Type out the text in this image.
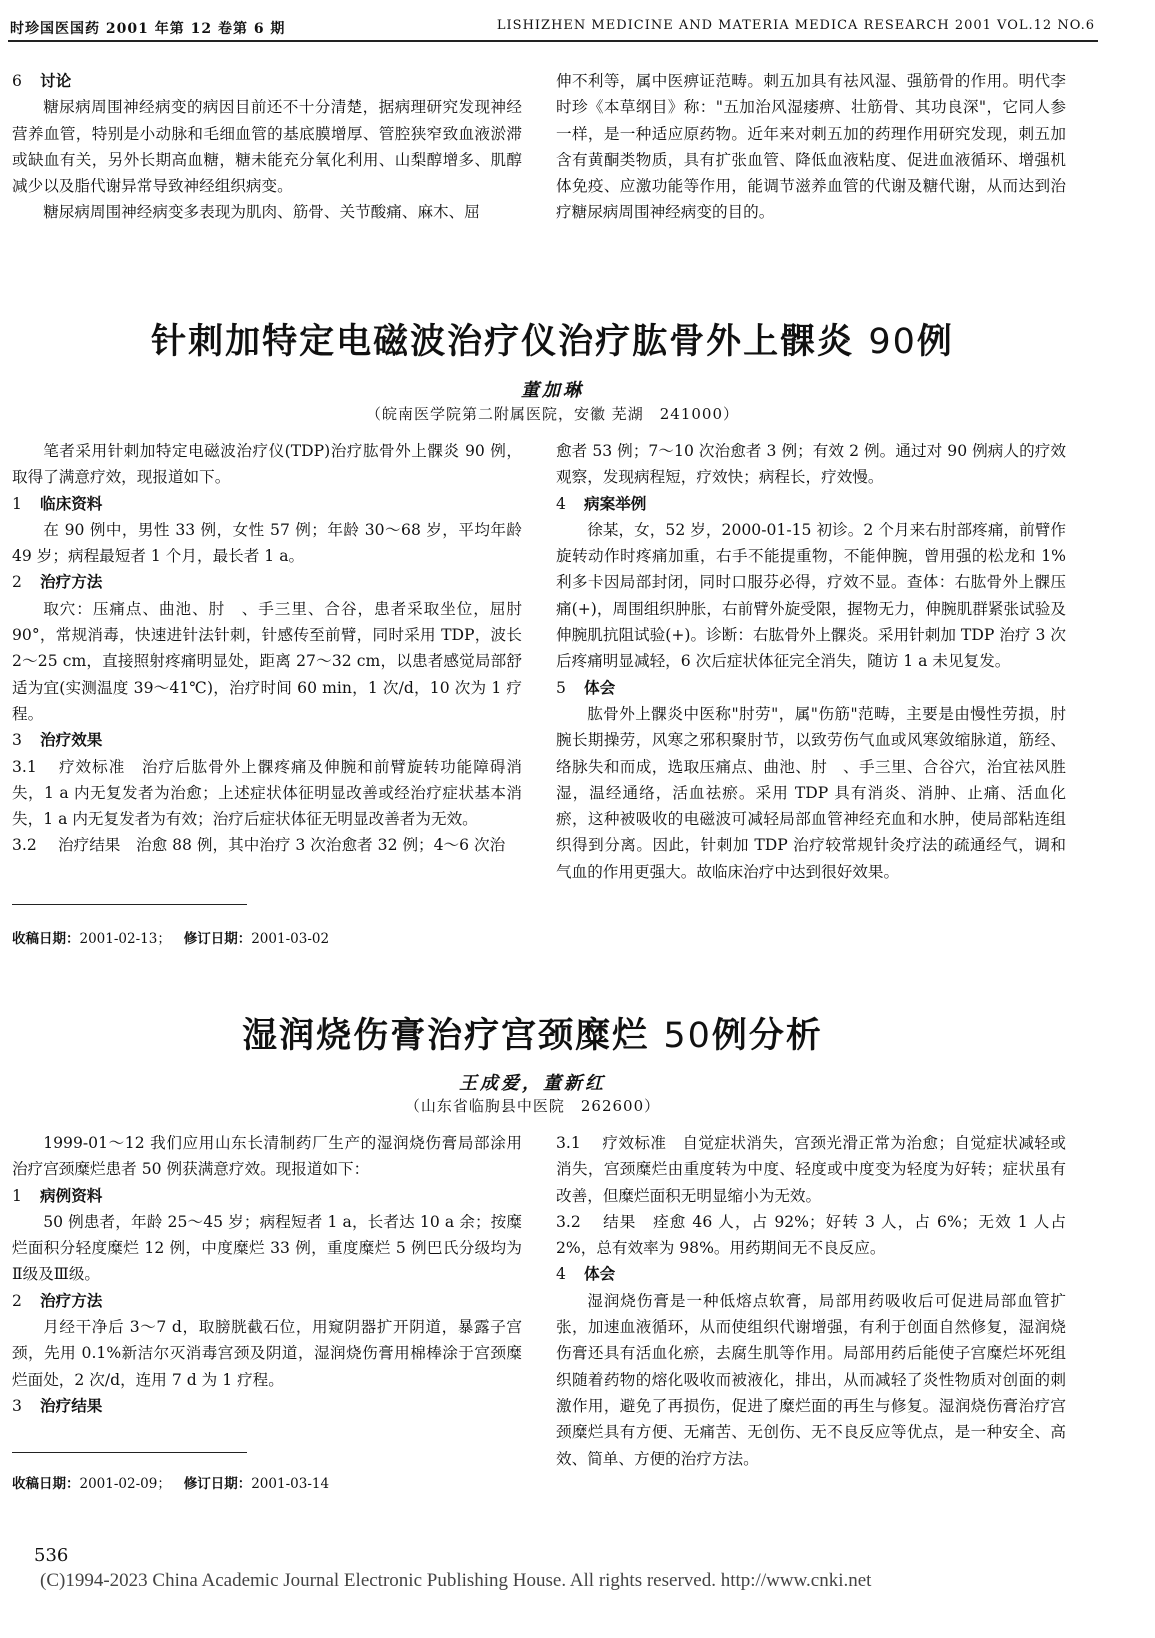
时珍国医国药 2001 年第 12 卷第 6 期	LISHIZHEN MEDICINE AND MATERIA MEDICA RESEARCH 2001 VOL.12 NO.6

6 讨论

糖尿病周围神经病变的病因目前还不十分清楚，据病理研究发现神经营养血管，特别是小动脉和毛细血管的基底膜增厚、管腔狭窄致血液淤滞或缺血有关，另外长期高血糖，糖未能充分氧化利用、山梨醇增多、肌醇减少以及脂代谢异常导致神经组织病变。

糖尿病周围神经病变多表现为肌肉、筋骨、关节酸痛、麻木、屈

伸不利等，属中医痹证范畴。刺五加具有祛风湿、强筋骨的作用。明代李时珍《本草纲目》称："五加治风湿痿痹、壮筋骨、其功良深"，它同人参一样，是一种适应原药物。近年来对刺五加的药理作用研究发现，刺五加含有黄酮类物质，具有扩张血管、降低血液粘度、促进血液循环、增强机体免疫、应激功能等作用，能调节滋养血管的代谢及糖代谢，从而达到治疗糖尿病周围神经病变的目的。

针刺加特定电磁波治疗仪治疗肱骨外上髁炎 90例
董加琳
（皖南医学院第二附属医院，安徽 芜湖　241000）

笔者采用针刺加特定电磁波治疗仪(TDP)治疗肱骨外上髁炎 90 例，取得了满意疗效，现报道如下。

1 临床资料

在 90 例中，男性 33 例，女性 57 例；年龄 30～68 岁，平均年龄 49 岁；病程最短者 1 个月，最长者 1 a。

2 治疗方法

取穴：压痛点、曲池、肘　、手三里、合谷，患者采取坐位，屈肘 90°，常规消毒，快速进针法针刺，针感传至前臂，同时采用 TDP，波长 2～25 cm，直接照射疼痛明显处，距离 27～32 cm，以患者感觉局部舒适为宜(实测温度 39～41℃)，治疗时间 60 min，1 次/d，10 次为 1 疗程。

3 治疗效果

3.1 疗效标准　治疗后肱骨外上髁疼痛及伸腕和前臂旋转功能障碍消失，1 a 内无复发者为治愈；上述症状体征明显改善或经治疗症状基本消失，1 a 内无复发者为有效；治疗后症状体征无明显改善者为无效。

3.2 治疗结果　治愈 88 例，其中治疗 3 次治愈者 32 例；4～6 次治

愈者 53 例；7～10 次治愈者 3 例；有效 2 例。通过对 90 例病人的疗效观察，发现病程短，疗效快；病程长，疗效慢。

4 病案举例

徐某，女，52 岁，2000-01-15 初诊。2 个月来右肘部疼痛，前臂作旋转动作时疼痛加重，右手不能提重物，不能伸腕，曾用强的松龙和 1%利多卡因局部封闭，同时口服芬必得，疗效不显。查体：右肱骨外上髁压痛(+)，周围组织肿胀，右前臂外旋受限，握物无力，伸腕肌群紧张试验及伸腕肌抗阻试验(+)。诊断：右肱骨外上髁炎。采用针刺加 TDP 治疗 3 次后疼痛明显减轻，6 次后症状体征完全消失，随访 1 a 未见复发。

5 体会

肱骨外上髁炎中医称"肘劳"，属"伤筋"范畴，主要是由慢性劳损，肘腕长期操劳，风寒之邪积聚肘节，以致劳伤气血或风寒敛缩脉道，筋经、络脉失和而成，选取压痛点、曲池、肘　、手三里、合谷穴，治宜祛风胜湿，温经通络，活血祛瘀。采用 TDP 具有消炎、消肿、止痛、活血化瘀，这种被吸收的电磁波可减轻局部血管神经充血和水肿，使局部粘连组织得到分离。因此，针刺加 TDP 治疗较常规针灸疗法的疏通经气，调和气血的作用更强大。故临床治疗中达到很好效果。

收稿日期：2001-02-13； 修订日期：2001-03-02
湿润烧伤膏治疗宫颈糜烂 50例分析
王成爱，董新红
（山东省临朐县中医院　262600）

1999-01～12 我们应用山东长清制药厂生产的湿润烧伤膏局部涂用治疗宫颈糜烂患者 50 例获满意疗效。现报道如下：

1 病例资料

50 例患者，年龄 25～45 岁；病程短者 1 a，长者达 10 a 余；按糜烂面积分轻度糜烂 12 例，中度糜烂 33 例，重度糜烂 5 例巴氏分级均为Ⅱ级及Ⅲ级。

2 治疗方法

月经干净后 3～7 d，取膀胱截石位，用窥阴器扩开阴道，暴露子宫颈，先用 0.1%新洁尔灭消毒宫颈及阴道，湿润烧伤膏用棉棒涂于宫颈糜烂面处，2 次/d，连用 7 d 为 1 疗程。

3 治疗结果

3.1 疗效标准　自觉症状消失，宫颈光滑正常为治愈；自觉症状减轻或消失，宫颈糜烂由重度转为中度、轻度或中度变为轻度为好转；症状虽有改善，但糜烂面积无明显缩小为无效。

3.2 结果　痊愈 46 人，占 92%；好转 3 人，占 6%；无效 1 人占 2%，总有效率为 98%。用药期间无不良反应。

4 体会

湿润烧伤膏是一种低熔点软膏，局部用药吸收后可促进局部血管扩张，加速血液循环，从而使组织代谢增强，有利于创面自然修复，湿润烧伤膏还具有活血化瘀，去腐生肌等作用。局部用药后能使子宫糜烂坏死组织随着药物的熔化吸收而被液化，排出，从而减轻了炎性物质对创面的刺激作用，避免了再损伤，促进了糜烂面的再生与修复。湿润烧伤膏治疗宫颈糜烂具有方便、无痛苦、无创伤、无不良反应等优点，是一种安全、高效、简单、方便的治疗方法。

收稿日期：2001-02-09； 修订日期：2001-03-14
536
(C)1994-2023 China Academic Journal Electronic Publishing House. All rights reserved. http://www.cnki.net
